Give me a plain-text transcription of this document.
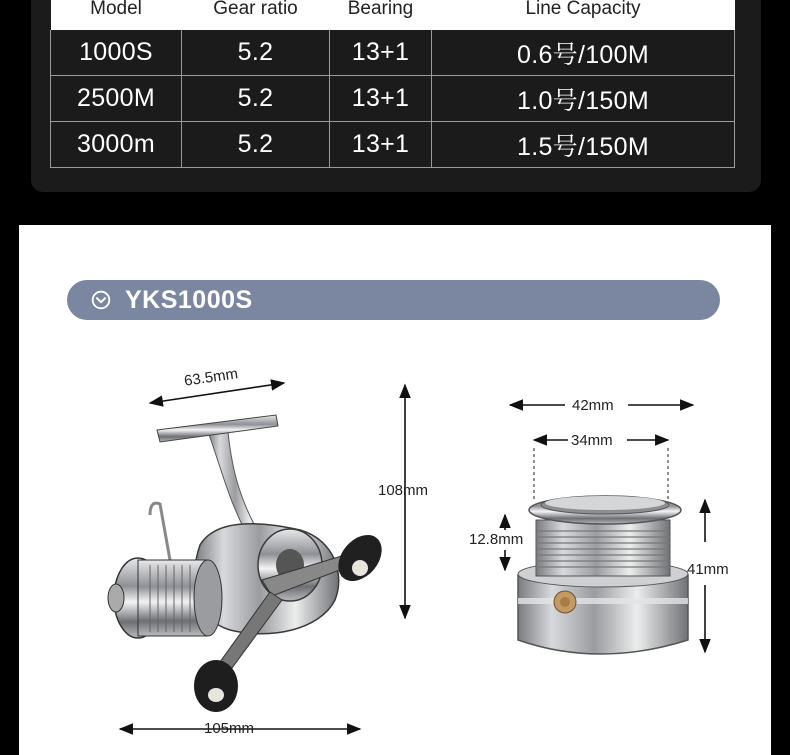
Model	Gear ratio	Bearing	Line Capacity
1000S	5.2	13+1	0.6号/100M
2500M	5.2	13+1	1.0号/150M
3000m	5.2	13+1	1.5号/150M
YKS1000S
63.5mm
108mm
105mm
42mm
34mm
12.8mm
41mm
